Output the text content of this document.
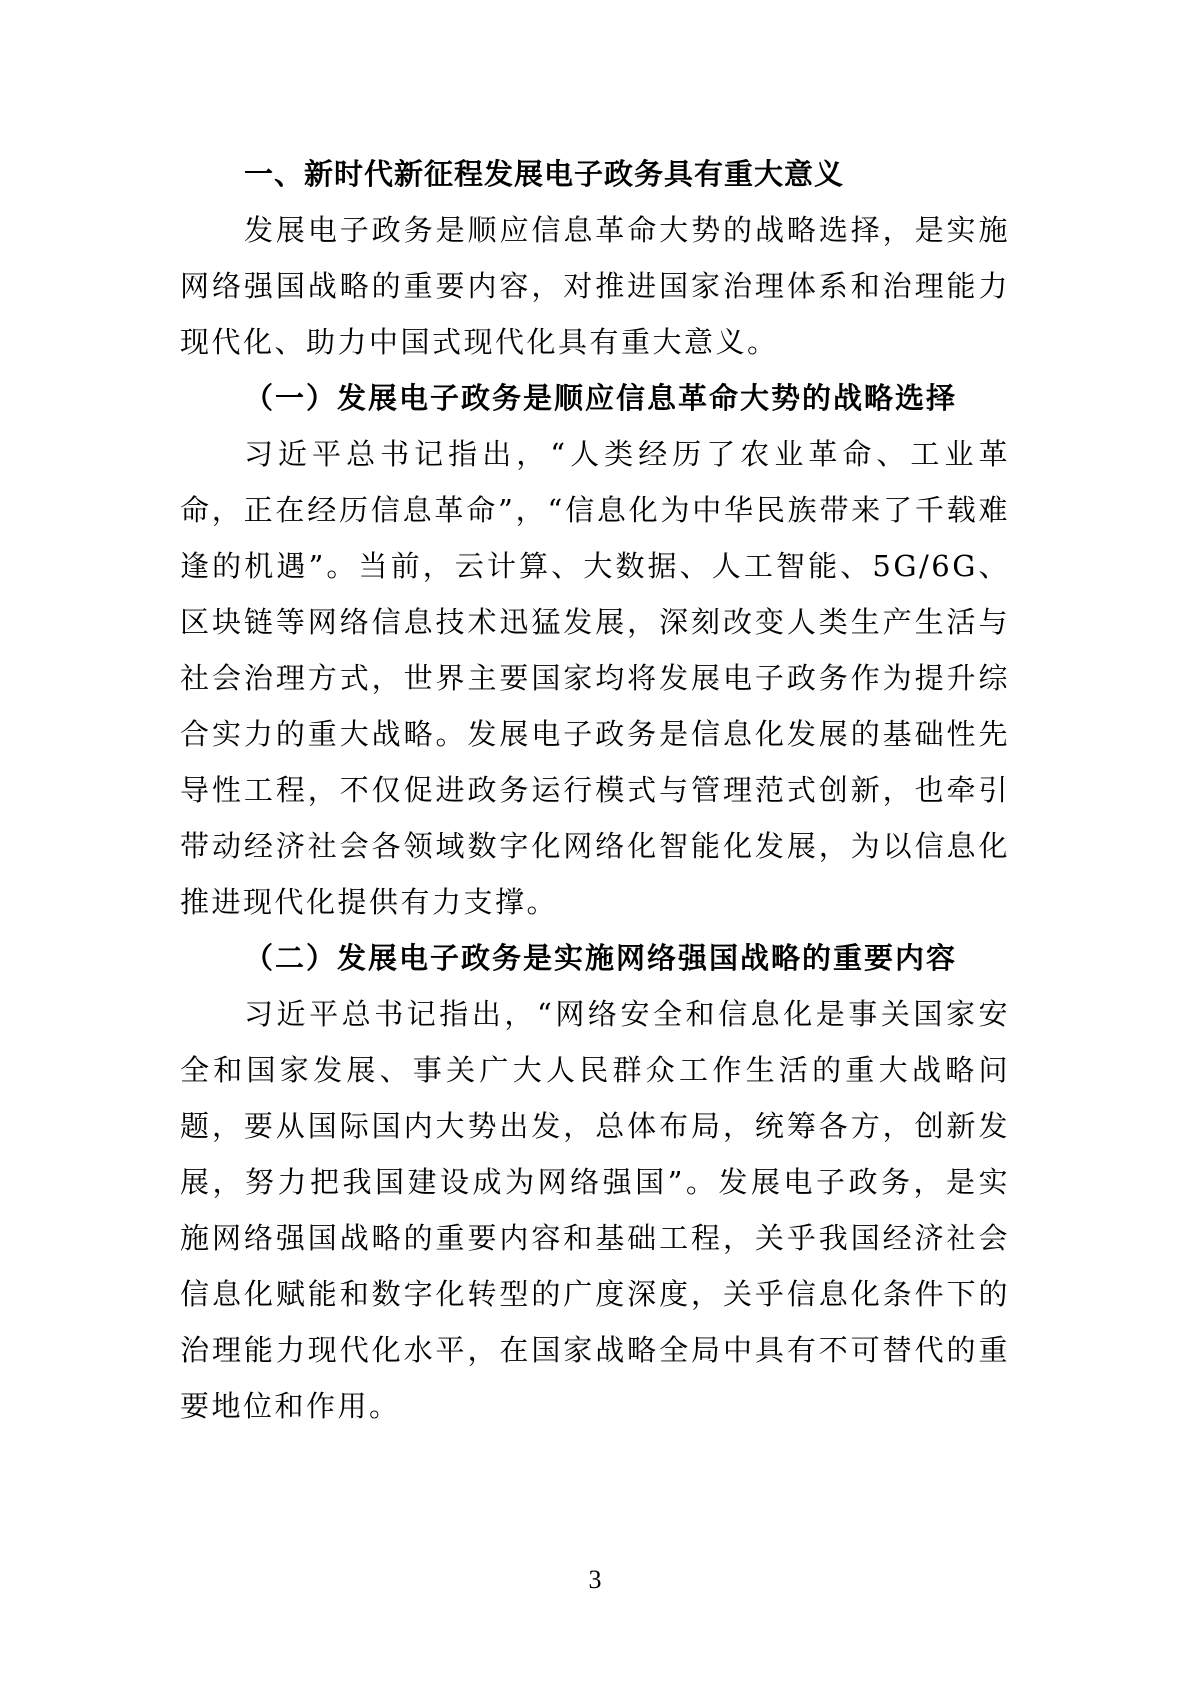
一、新时代新征程发展电子政务具有重大意义

发展电子政务是顺应信息革命大势的战略选择，是实施网络强国战略的重要内容，对推进国家治理体系和治理能力现代化、助力中国式现代化具有重大意义。

（一）发展电子政务是顺应信息革命大势的战略选择

习近平总书记指出，“人类经历了农业革命、工业革命，正在经历信息革命”，“信息化为中华民族带来了千载难逢的机遇”。当前，云计算、大数据、人工智能、5G/6G、区块链等网络信息技术迅猛发展，深刻改变人类生产生活与社会治理方式，世界主要国家均将发展电子政务作为提升综合实力的重大战略。发展电子政务是信息化发展的基础性先导性工程，不仅促进政务运行模式与管理范式创新，也牵引带动经济社会各领域数字化网络化智能化发展，为以信息化推进现代化提供有力支撑。

（二）发展电子政务是实施网络强国战略的重要内容

习近平总书记指出，“网络安全和信息化是事关国家安全和国家发展、事关广大人民群众工作生活的重大战略问题，要从国际国内大势出发，总体布局，统筹各方，创新发展，努力把我国建设成为网络强国”。发展电子政务，是实施网络强国战略的重要内容和基础工程，关乎我国经济社会信息化赋能和数字化转型的广度深度，关乎信息化条件下的治理能力现代化水平，在国家战略全局中具有不可替代的重要地位和作用。

3
